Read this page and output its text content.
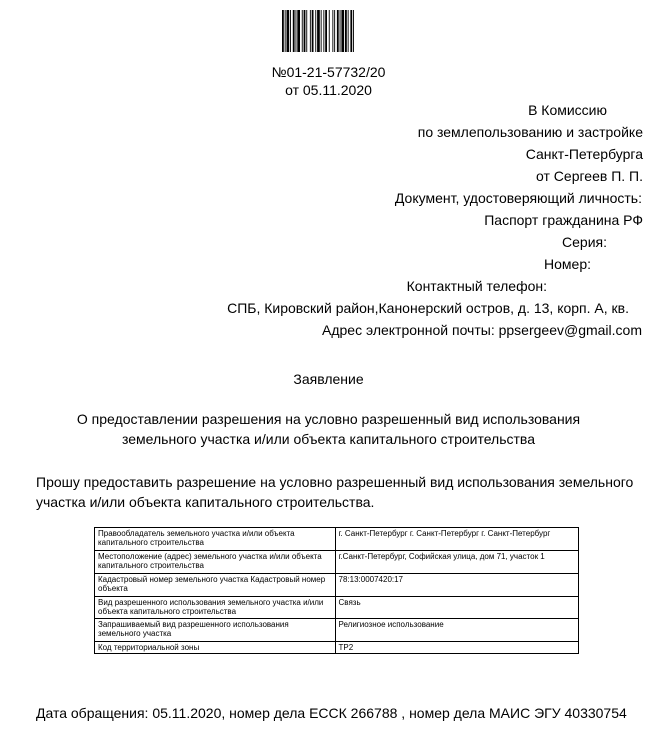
№01-21-57732/20
от 05.11.2020
В Комиссию
по землепользованию и застройке
Санкт-Петербурга
от Сергеев П. П.
Документ, удостоверяющий личность:
Паспорт гражданина РФ
Серия:
Номер:
Контактный телефон:
СПБ, Кировский район,Канонерский остров, д. 13, корп. А, кв.
Адрес электронной почты: ppsergeev@gmail.com
Заявление
О предоставлении разрешения на условно разрешенный вид использования
земельного участка и/или объекта капитального строительства
Прошу предоставить разрешение на условно разрешенный вид использования земельного
участка и/или объекта капитального строительства.
Правообладатель земельного участка и/или объекта капитального строительства	г. Санкт-Петербург г. Санкт-Петербург г. Санкт-Петербург
Местоположение (адрес) земельного участка и/или объекта капитального строительства	г.Санкт-Петербург, Софийская улица, дом 71, участок 1
Кадастровый номер земельного участка Кадастровый номер объекта	78:13:0007420:17
Вид разрешенного использования земельного участка и/или объекта капитального строительства	Связь
Запрашиваемый вид разрешенного использования земельного участка	Религиозное использование
Код территориальной зоны	ТР2
Дата обращения: 05.11.2020, номер дела ЕССК 266788 , номер дела МАИС ЭГУ 40330754
